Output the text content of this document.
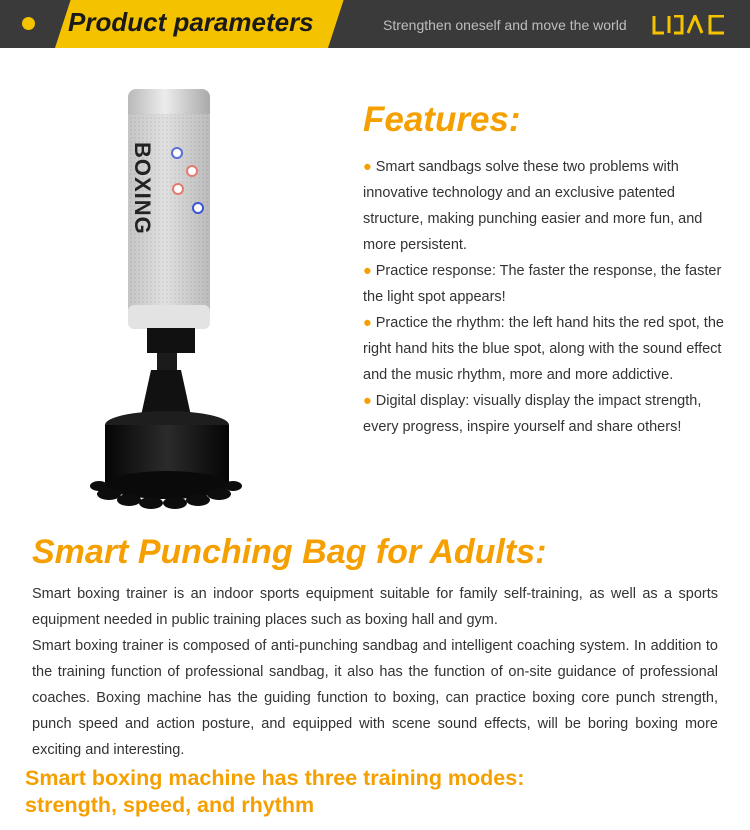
Product parameters	Strengthen oneself and move the world
BOXING
Features:
● Smart sandbags solve these two problems with innovative technology and an exclusive patented structure, making punching easier and more fun, and more persistent.
● Practice response: The faster the response, the faster the light spot appears!
● Practice the rhythm: the left hand hits the red spot, the right hand hits the blue spot, along with the sound effect and the music rhythm, more and more addictive.
● Digital display: visually display the impact strength, every progress, inspire yourself and share others!
Smart Punching Bag for Adults:

Smart boxing trainer is an indoor sports equipment suitable for family self-training, as well as a sports equipment needed in public training places such as boxing hall and gym.

Smart boxing trainer is composed of anti-punching sandbag and intelligent coaching system. In addition to the training function of professional sandbag, it also has the function of on-site guidance of professional coaches. Boxing machine has the guiding function to boxing, can practice boxing core punch strength, punch speed and action posture, and equipped with scene sound effects, will be boring boxing more exciting and interesting.

Smart boxing machine has three training modes:
strength, speed, and rhythm
